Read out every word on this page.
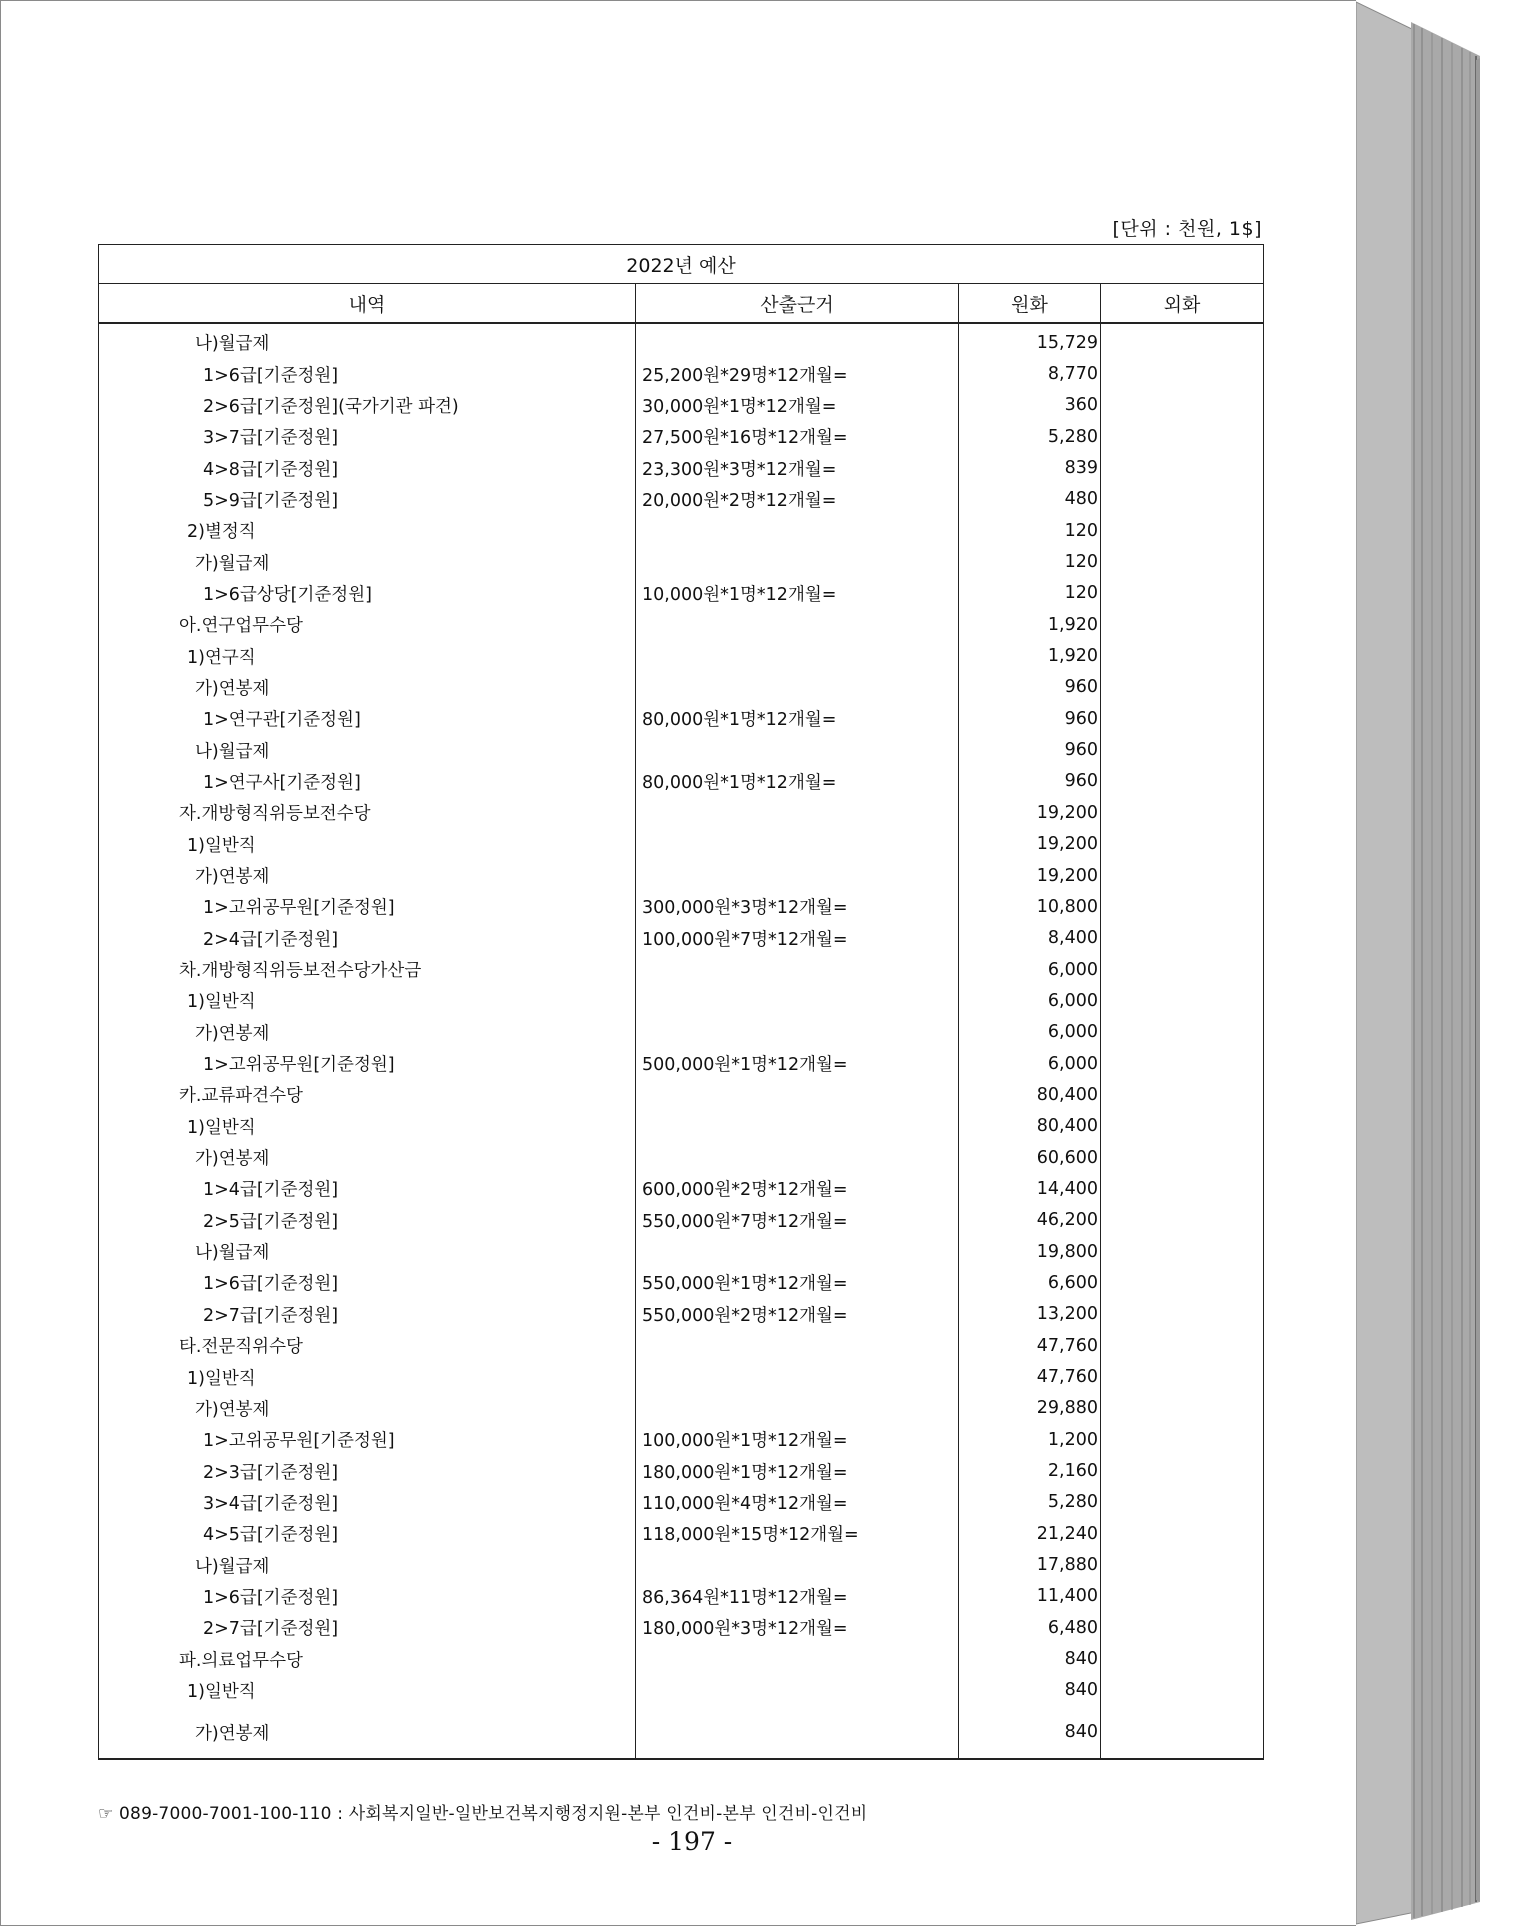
[단위 : 천원, 1$]
2022년 예산			
내역	산출근거	원화	외화
나)월급제		15,729	
1>6급[기준정원]	25,200원*29명*12개월=	8,770	
2>6급[기준정원](국가기관 파견)	30,000원*1명*12개월=	360	
3>7급[기준정원]	27,500원*16명*12개월=	5,280	
4>8급[기준정원]	23,300원*3명*12개월=	839	
5>9급[기준정원]	20,000원*2명*12개월=	480	
2)별정직		120	
가)월급제		120	
1>6급상당[기준정원]	10,000원*1명*12개월=	120	
아.연구업무수당		1,920	
1)연구직		1,920	
가)연봉제		960	
1>연구관[기준정원]	80,000원*1명*12개월=	960	
나)월급제		960	
1>연구사[기준정원]	80,000원*1명*12개월=	960	
자.개방형직위등보전수당		19,200	
1)일반직		19,200	
가)연봉제		19,200	
1>고위공무원[기준정원]	300,000원*3명*12개월=	10,800	
2>4급[기준정원]	100,000원*7명*12개월=	8,400	
차.개방형직위등보전수당가산금		6,000	
1)일반직		6,000	
가)연봉제		6,000	
1>고위공무원[기준정원]	500,000원*1명*12개월=	6,000	
카.교류파견수당		80,400	
1)일반직		80,400	
가)연봉제		60,600	
1>4급[기준정원]	600,000원*2명*12개월=	14,400	
2>5급[기준정원]	550,000원*7명*12개월=	46,200	
나)월급제		19,800	
1>6급[기준정원]	550,000원*1명*12개월=	6,600	
2>7급[기준정원]	550,000원*2명*12개월=	13,200	
타.전문직위수당		47,760	
1)일반직		47,760	
가)연봉제		29,880	
1>고위공무원[기준정원]	100,000원*1명*12개월=	1,200	
2>3급[기준정원]	180,000원*1명*12개월=	2,160	
3>4급[기준정원]	110,000원*4명*12개월=	5,280	
4>5급[기준정원]	118,000원*15명*12개월=	21,240	
나)월급제		17,880	
1>6급[기준정원]	86,364원*11명*12개월=	11,400	
2>7급[기준정원]	180,000원*3명*12개월=	6,480	
파.의료업무수당		840	
1)일반직		840	
가)연봉제		840	
☞ 089-7000-7001-100-110 : 사회복지일반-일반보건복지행정지원-본부 인건비-본부 인건비-인건비
- 197 -
